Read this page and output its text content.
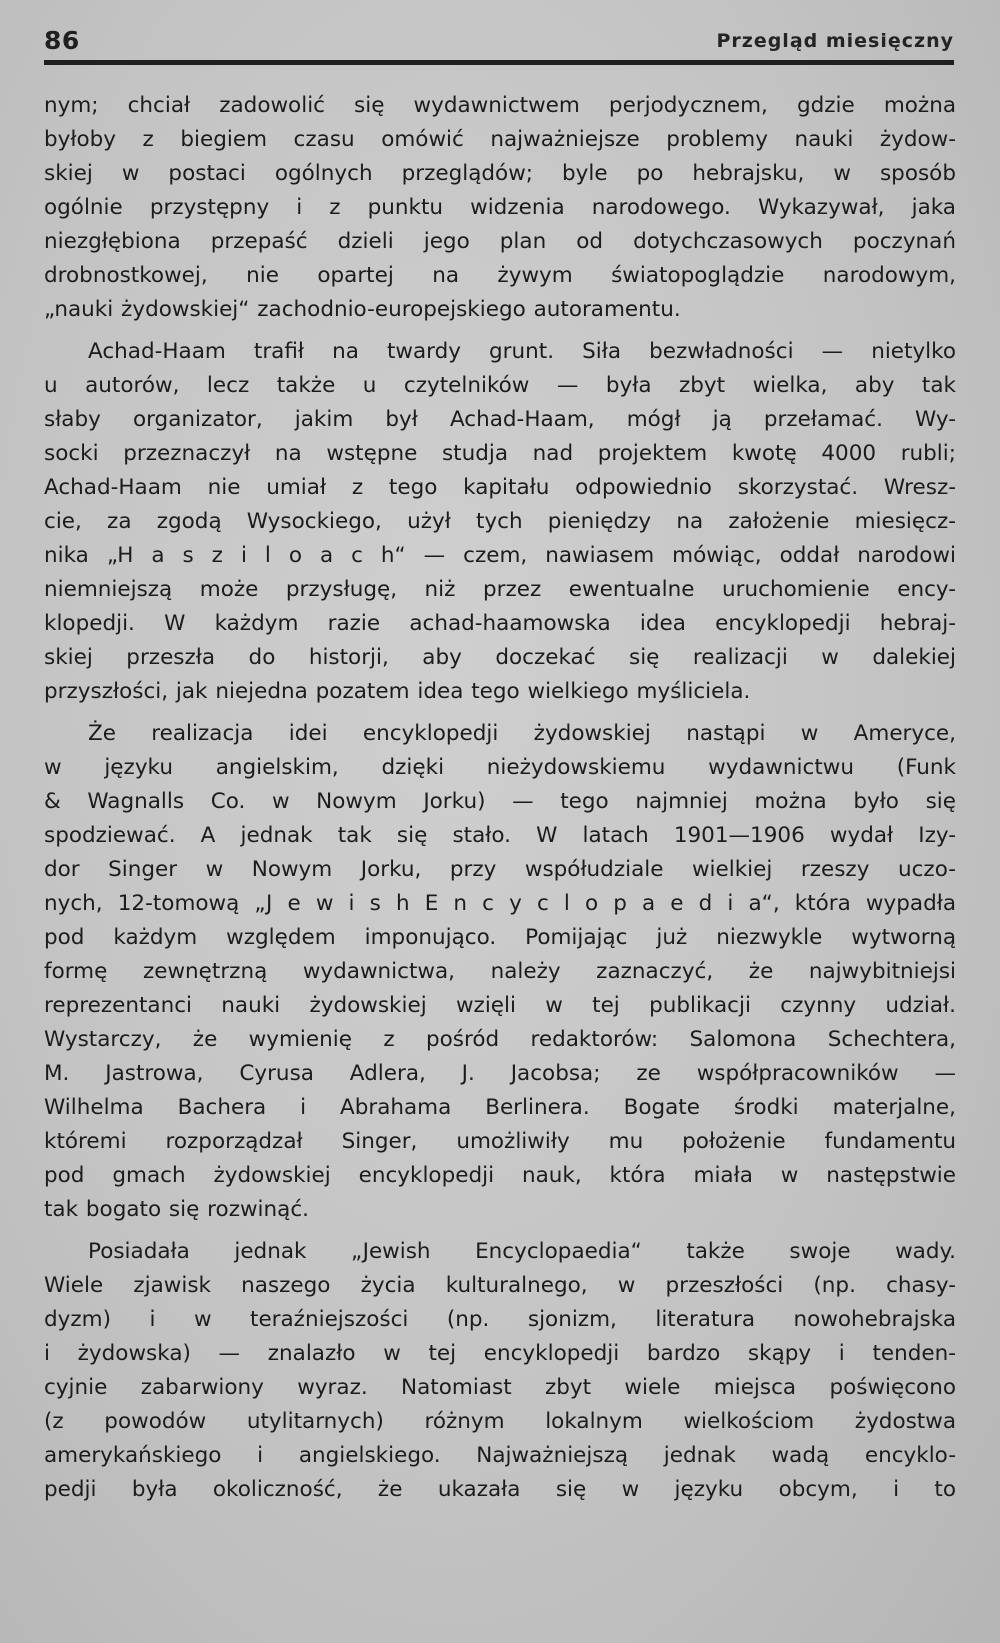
86	Przegląd miesięczny
nym; chciał zadowolić się wydawnictwem perjodycznem, gdzie można
byłoby z biegiem czasu omówić najważniejsze problemy nauki żydow-
skiej w postaci ogólnych przeglądów; byle po hebrajsku, w sposób
ogólnie przystępny i z punktu widzenia narodowego. Wykazywał, jaka
niezgłębiona przepaść dzieli jego plan od dotychczasowych poczynań
drobnostkowej, nie opartej na żywym światopoglądzie narodowym,
„nauki żydowskiej“ zachodnio-europejskiego autoramentu.
Achad-Haam trafił na twardy grunt. Siła bezwładności — nietylko
u autorów, lecz także u czytelników — była zbyt wielka, aby tak
słaby organizator, jakim był Achad-Haam, mógł ją przełamać. Wy-
socki przeznaczył na wstępne studja nad projektem kwotę 4000 rubli;
Achad-Haam nie umiał z tego kapitału odpowiednio skorzystać. Wresz-
cie, za zgodą Wysockiego, użył tych pieniędzy na założenie miesięcz-
nika „H a s z i l o a c h“ — czem, nawiasem mówiąc, oddał narodowi
niemniejszą może przysługę, niż przez ewentualne uruchomienie ency-
klopedji. W każdym razie achad-haamowska idea encyklopedji hebraj-
skiej przeszła do historji, aby doczekać się realizacji w dalekiej
przyszłości, jak niejedna pozatem idea tego wielkiego myśliciela.
Że realizacja idei encyklopedji żydowskiej nastąpi w Ameryce,
w języku angielskim, dzięki nieżydowskiemu wydawnictwu (Funk
& Wagnalls Co. w Nowym Jorku) — tego najmniej można było się
spodziewać. A jednak tak się stało. W latach 1901—1906 wydał Izy-
dor Singer w Nowym Jorku, przy współudziale wielkiej rzeszy uczo-
nych, 12-tomową „J e w i s h E n c y c l o p a e d i a“, która wypadła
pod każdym względem imponująco. Pomijając już niezwykle wytworną
formę zewnętrzną wydawnictwa, należy zaznaczyć, że najwybitniejsi
reprezentanci nauki żydowskiej wzięli w tej publikacji czynny udział.
Wystarczy, że wymienię z pośród redaktorów: Salomona Schechtera,
M. Jastrowa, Cyrusa Adlera, J. Jacobsa; ze współpracowników —
Wilhelma Bachera i Abrahama Berlinera. Bogate środki materjalne,
któremi rozporządzał Singer, umożliwiły mu położenie fundamentu
pod gmach żydowskiej encyklopedji nauk, która miała w następstwie
tak bogato się rozwinąć.
Posiadała jednak „Jewish Encyclopaedia“ także swoje wady.
Wiele zjawisk naszego życia kulturalnego, w przeszłości (np. chasy-
dyzm) i w teraźniejszości (np. sjonizm, literatura nowohebrajska
i żydowska) — znalazło w tej encyklopedji bardzo skąpy i tenden-
cyjnie zabarwiony wyraz. Natomiast zbyt wiele miejsca poświęcono
(z powodów utylitarnych) różnym lokalnym wielkościom żydostwa
amerykańskiego i angielskiego. Najważniejszą jednak wadą encyklo-
pedji była okoliczność, że ukazała się w języku obcym, i to
